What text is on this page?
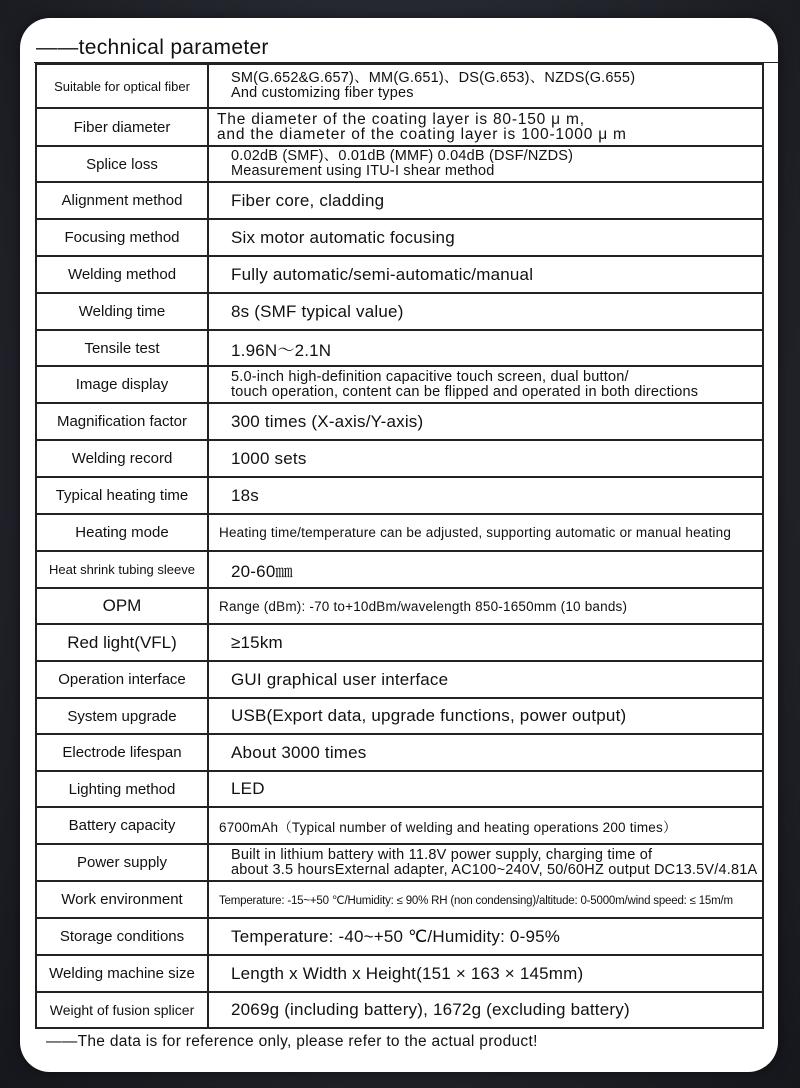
——technical parameter
Suitable for optical fiber	SM(G.652&G.657)、MM(G.651)、DS(G.653)、NZDS(G.655)
And customizing fiber types

Fiber diameter	The diameter of the coating layer is 80-150 μ m,
and the diameter of the coating layer is 100-1000 μ m

Splice loss	0.02dB (SMF)、0.01dB (MMF) 0.04dB (DSF/NZDS)
Measurement using ITU-I shear method

Alignment method	Fiber core, cladding

Focusing method	Six motor automatic focusing

Welding method	Fully automatic/semi-automatic/manual

Welding time	8s (SMF typical value)

Tensile test	1.96N～2.1N

Image display	5.0-inch high-definition capacitive touch screen, dual button/
touch operation, content can be flipped and operated in both directions

Magnification factor	300 times (X-axis/Y-axis)

Welding record	1000 sets

Typical heating time	18s

Heating mode	Heating time/temperature can be adjusted, supporting automatic or manual heating

Heat shrink tubing sleeve	20-60㎜

OPM	Range (dBm): -70 to+10dBm/wavelength 850-1650mm (10 bands)

Red light(VFL)	≥15km

Operation interface	GUI graphical user interface

System upgrade	USB(Export data, upgrade functions, power output)

Electrode lifespan	About 3000 times

Lighting method	LED

Battery capacity	6700mAh（Typical number of welding and heating operations 200 times）

Power supply	Built in lithium battery with 11.8V power supply, charging time of
about 3.5 hoursExternal adapter, AC100~240V, 50/60HZ output DC13.5V/4.81A

Work environment	Temperature: -15~+50 ℃/Humidity: ≤ 90% RH (non condensing)/altitude: 0-5000m/wind speed: ≤ 15m/m

Storage conditions	Temperature: -40~+50 ℃/Humidity: 0-95%

Welding machine size	Length x Width x Height(151 × 163 × 145mm)

Weight of fusion splicer	2069g (including battery), 1672g (excluding battery)
——The data is for reference only, please refer to the actual product!
